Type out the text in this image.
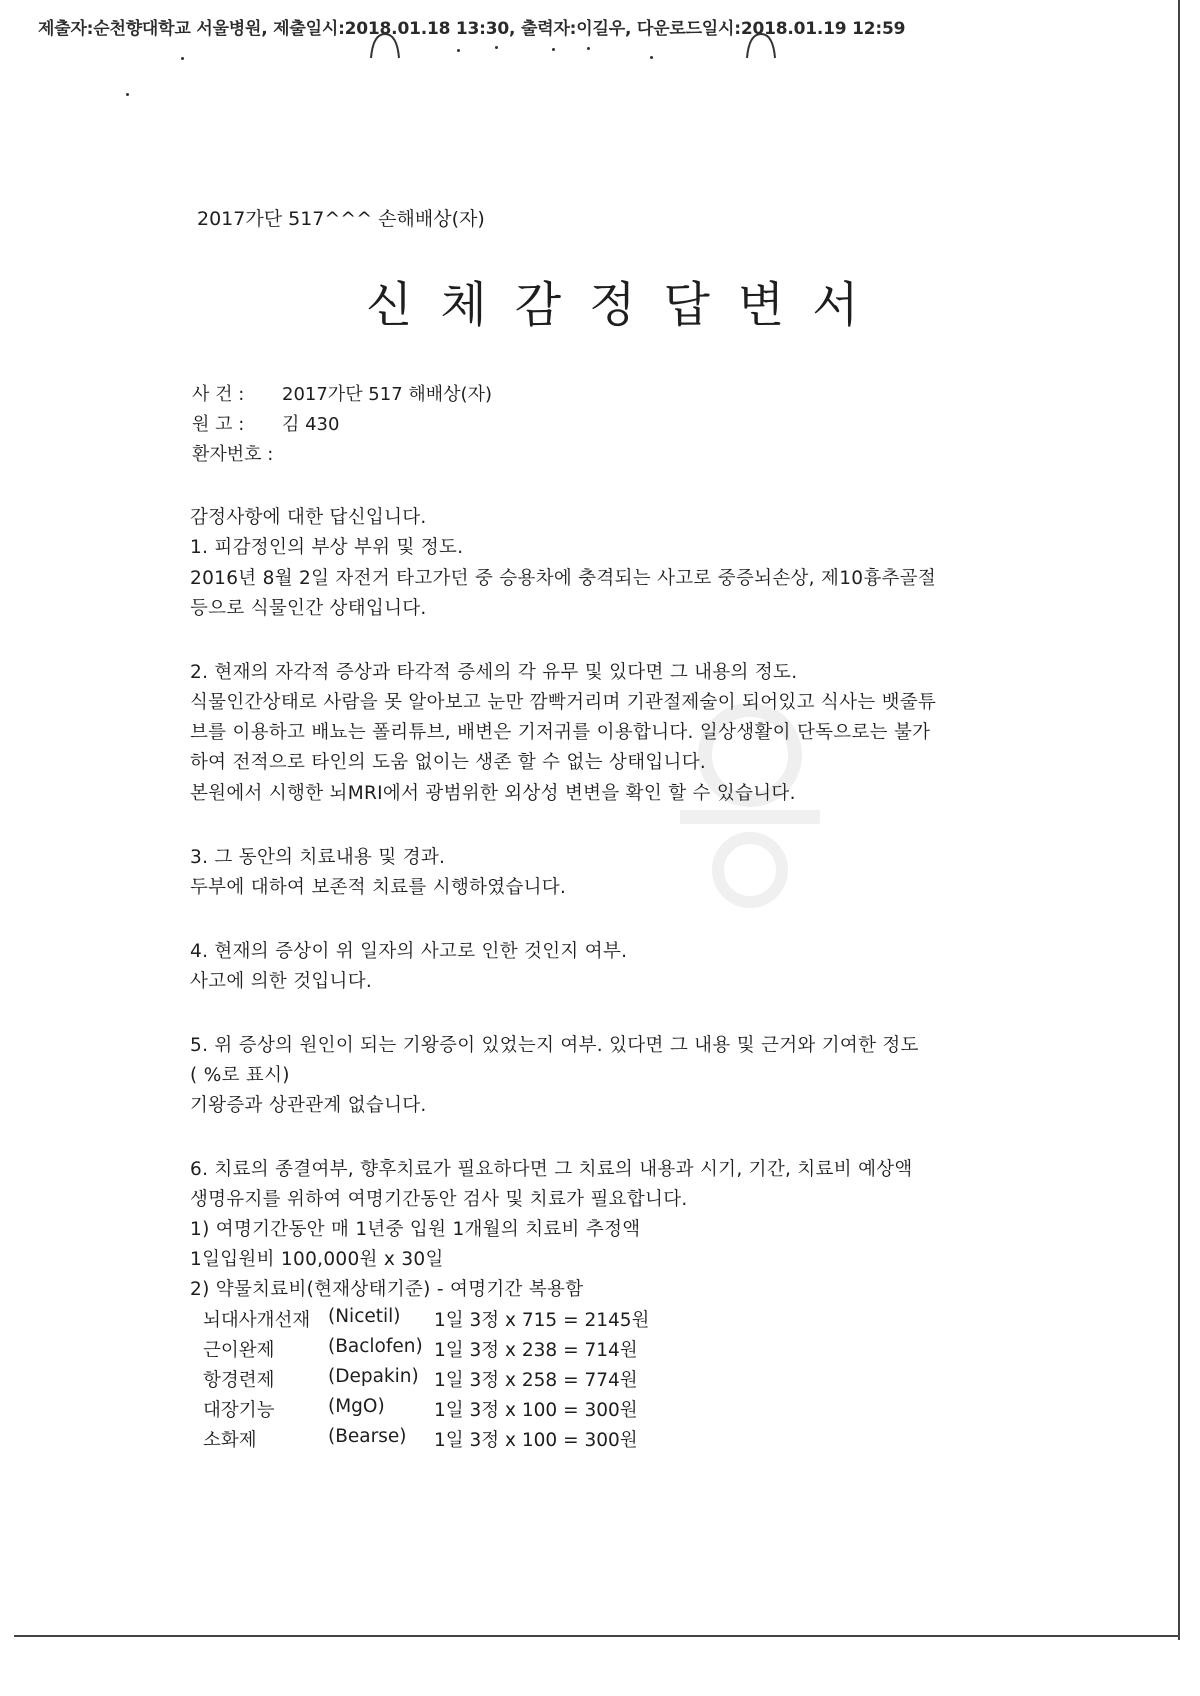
제출자:순천향대학교 서울병원, 제출일시:2018.01.18 13:30, 출력자:이길우, 다운로드일시:2018.01.19 12:59
2017가단 517^^^ 손해배상(자)
신체감정답변서
사 건 : 2017가단 517 해배상(자)
원 고 : 김 430
환자번호 :
감정사항에 대한 답신입니다.
1. 피감정인의 부상 부위 및 정도.
2016년 8월 2일 자전거 타고가던 중 승용차에 충격되는 사고로 중증뇌손상, 제10흉추골절
등으로 식물인간 상태입니다.
2. 현재의 자각적 증상과 타각적 증세의 각 유무 및 있다면 그 내용의 정도.
식물인간상태로 사람을 못 알아보고 눈만 깜빡거리며 기관절제술이 되어있고 식사는 뱃줄튜
브를 이용하고 배뇨는 폴리튜브, 배변은 기저귀를 이용합니다. 일상생활이 단독으로는 불가
하여 전적으로 타인의 도움 없이는 생존 할 수 없는 상태입니다.
본원에서 시행한 뇌MRI에서 광범위한 외상성 변변을 확인 할 수 있습니다.
3. 그 동안의 치료내용 및 경과.
두부에 대하여 보존적 치료를 시행하였습니다.
4. 현재의 증상이 위 일자의 사고로 인한 것인지 여부.
사고에 의한 것입니다.
5. 위 증상의 원인이 되는 기왕증이 있었는지 여부. 있다면 그 내용 및 근거와 기여한 정도
( %로 표시)
기왕증과 상관관계 없습니다.
6. 치료의 종결여부, 향후치료가 필요하다면 그 치료의 내용과 시기, 기간, 치료비 예상액
생명유지를 위하여 여명기간동안 검사 및 치료가 필요합니다.
1) 여명기간동안 매 1년중 입원 1개월의 치료비 추정액
1일입원비 100,000원 x 30일
2) 약물치료비(현재상태기준) - 여명기간 복용함
뇌대사개선재 (Nicetil) 1일 3정 x 715 = 2145원
근이완제	(Baclofen) 1일 3정 x 238 = 714원
항경련제	(Depakin) 1일 3정 x 258 = 774원
대장기능	(MgO)	1일 3정 x 100 = 300원
소화제	(Bearse) 1일 3정 x 100 = 300원
